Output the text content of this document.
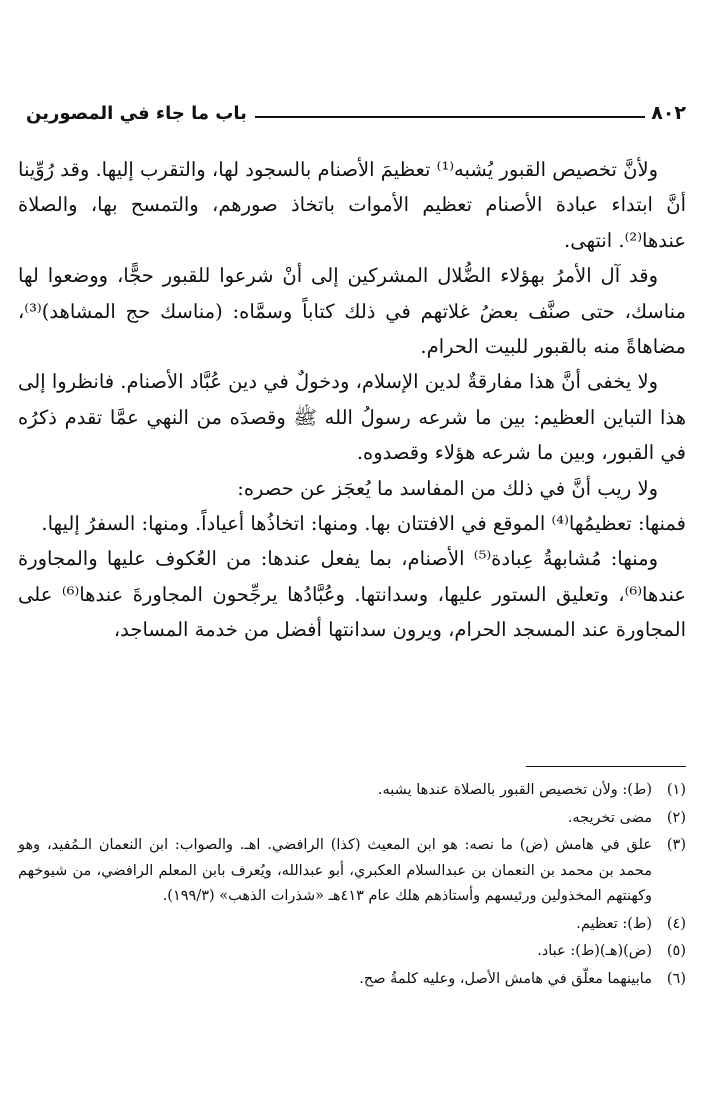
٨٠٢
باب ما جاء في المصورين

ولأنَّ تخصيص القبور يُشبه⁽¹⁾ تعظيمَ الأصنام بالسجود لها، والتقرب إليها. وقد رُوِّينا أنَّ ابتداء عبادة الأصنام تعظيم الأموات باتخاذ صورهم، والتمسح بها، والصلاة عندها⁽²⁾. انتهى.

وقد آل الأمرُ بهؤلاء الضُّلال المشركين إلى أنْ شرعوا للقبور حجًّا، ووضعوا لها مناسك، حتى صنَّف بعضُ غلاتهم في ذلك كتاباً وسمَّاه: (مناسك حج المشاهد)⁽³⁾، مضاهاةً منه بالقبور للبيت الحرام.

ولا يخفى أنَّ هذا مفارقةٌ لدين الإسلام، ودخولٌ في دين عُبَّاد الأصنام. فانظروا إلى هذا التباين العظيم: بين ما شرعه رسولُ الله ﷺ وقصدَه من النهي عمَّا تقدم ذكرُه في القبور، وبين ما شرعه هؤلاء وقصدوه.

ولا ريب أنَّ في ذلك من المفاسد ما يُعجَز عن حصره:

فمنها: تعظيمُها⁽⁴⁾ الموقع في الافتتان بها. ومنها: اتخاذُها أعياداً. ومنها: السفرُ إليها.

ومنها: مُشابهةُ عِبادة⁽⁵⁾ الأصنام، بما يفعل عندها: من العُكوف عليها والمجاورة عندها⁽⁶⁾، وتعليق الستور عليها، وسدانتها. وعُبَّادُها يرجِّحون المجاورةَ عندها⁽⁶⁾ على المجاورة عند المسجد الحرام، ويرون سدانتها أفضل من خدمة المساجد،

(١)
(ط): ولأن تخصيص القبور بالصلاة عندها يشبه.
(٢)
مضى تخريجه.
(٣)
علق في هامش (ض) ما نصه: هو ابن المعيث (كذا) الرافضي. اهـ. والصواب: ابن النعمان الـمُفيد، وهو محمد بن محمد بن النعمان بن عبدالسلام العكبري، أبو عبدالله، ويُعرف بابن المعلم الرافضي، من شيوخهم وكهنتهم المخذولين ورئيسهم وأستاذهم هلك عام ٤١٣هـ «شذرات الذهب» (١٩٩/٣).
(٤)
(ط): تعظيم.
(٥)
(ض)(هـ)(ط): عباد.
(٦)
مابينهما معلّق في هامش الأصل، وعليه كلمةُ صح.
